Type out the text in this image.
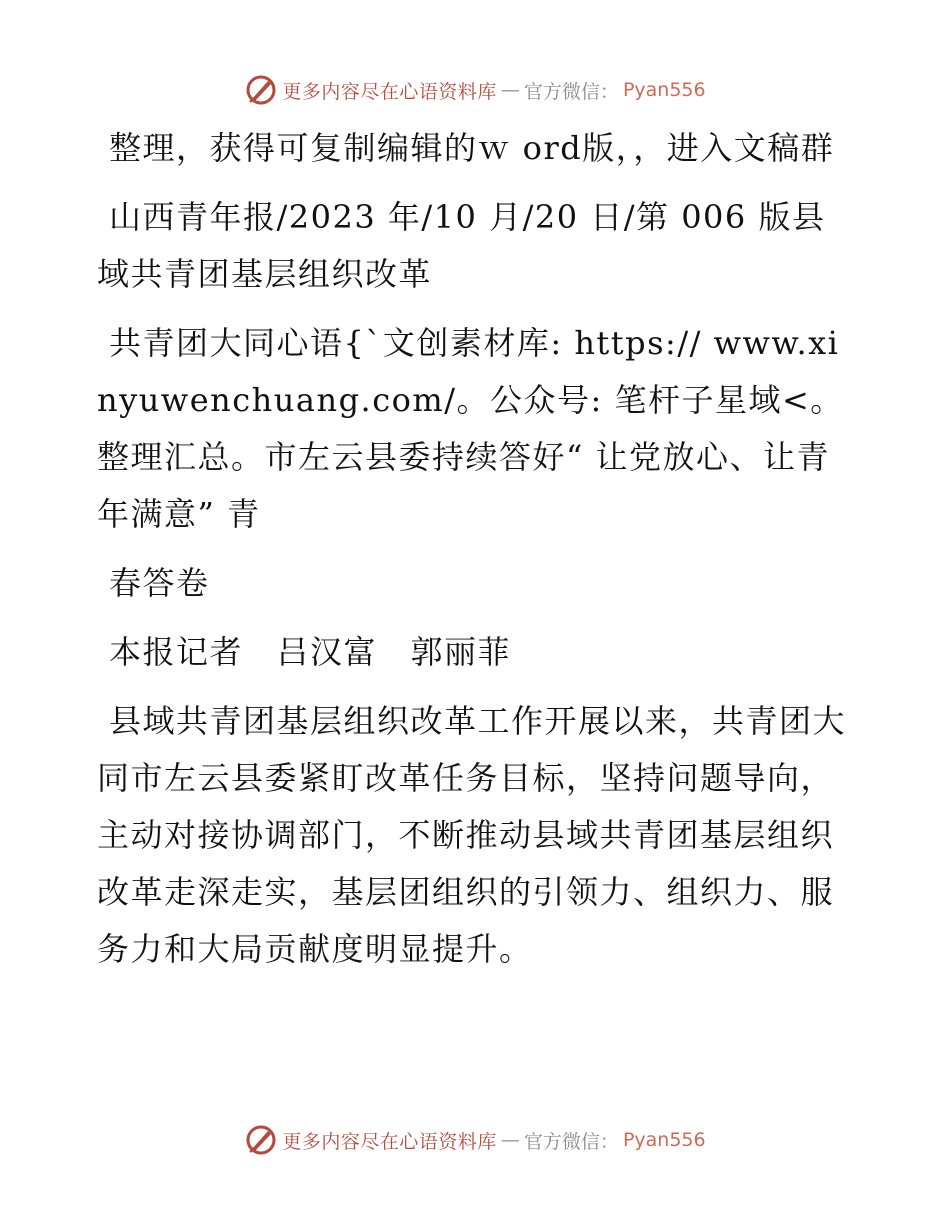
更多内容尽在心语资料库 — 官方微信： Pyan556

整理，获得可复制编辑的ｗ ord版，，进入文稿群

山西青年报/2023 年/10 月/20 日/第 006 版县域共青团基层组织改革

共青团大同心语{`文创素材库: https:// www.xinyuwenchuang.com/。公众号: 笔杆子星域<。整理汇总。市左云县委持续答好“ 让党放心、让青年满意” 青

春答卷

本报记者　吕汉富　郭丽菲

县域共青团基层组织改革工作开展以来，共青团大同市左云县委紧盯改革任务目标，坚持问题导向，主动对接协调部门，不断推动县域共青团基层组织改革走深走实，基层团组织的引领力、组织力、服务力和大局贡献度明显提升。

更多内容尽在心语资料库 — 官方微信： Pyan556
